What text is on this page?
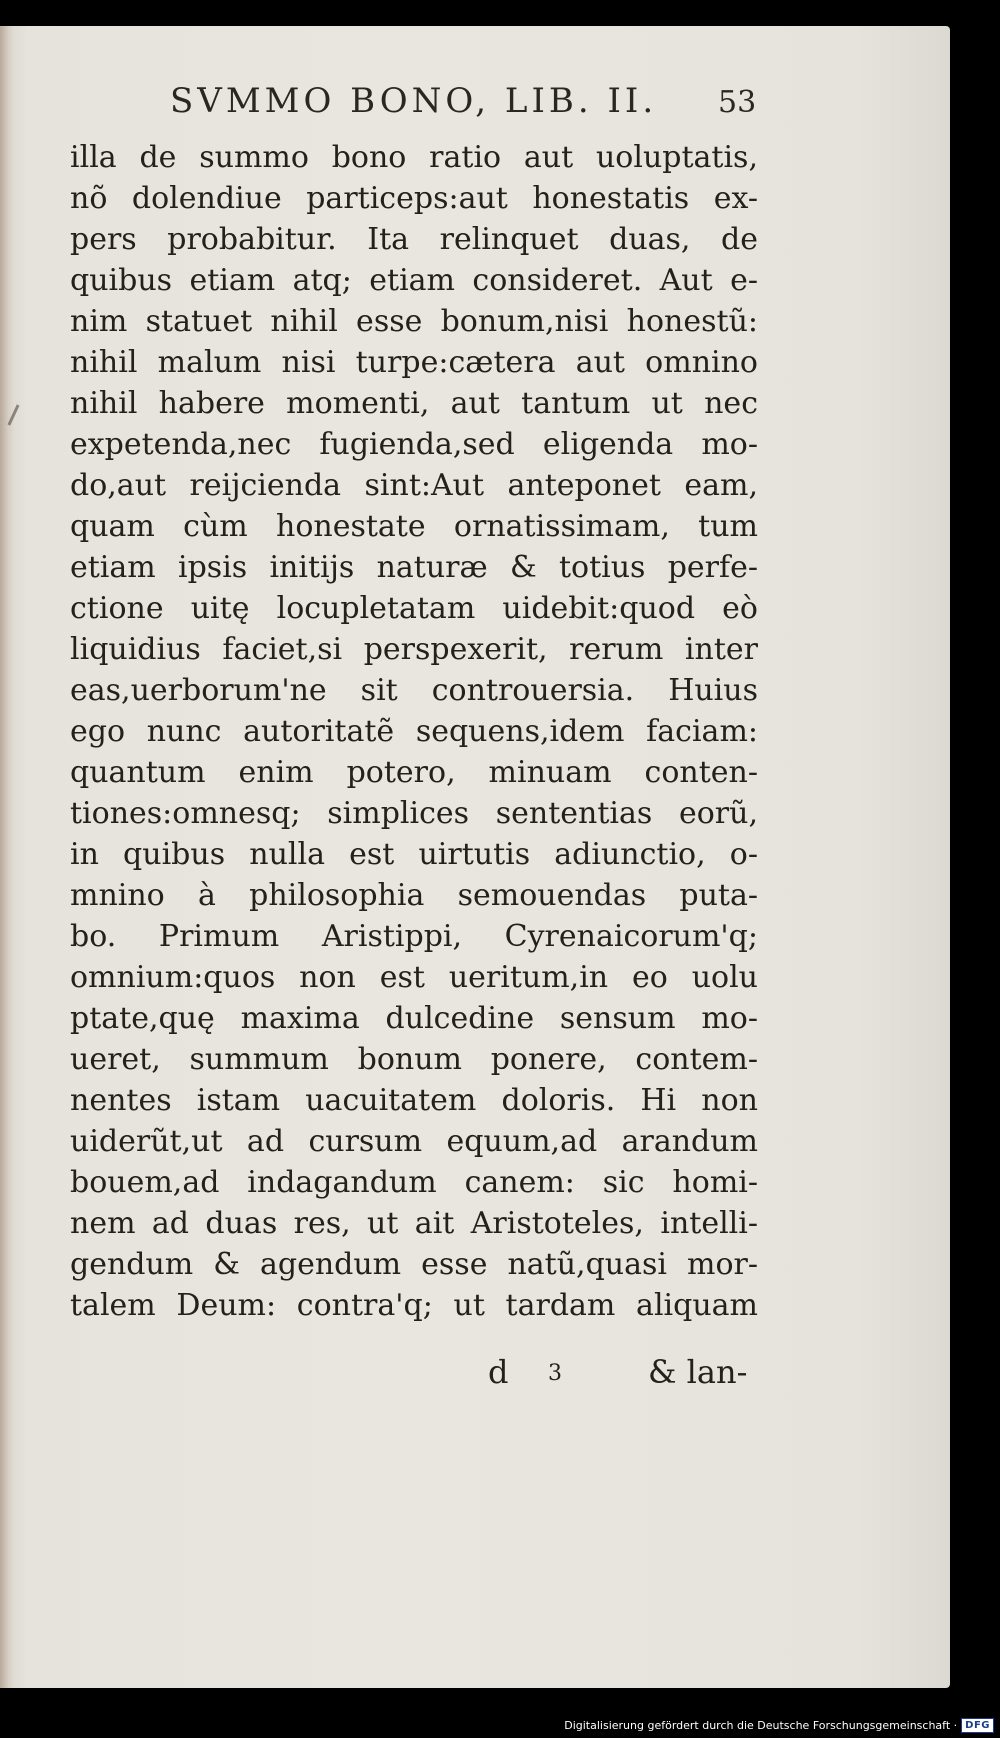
SVMMO BONO, LIB. II.	53
illa de summo bono ratio aut uoluptatis,
nõ dolendiue particeps:aut honestatis ex-
pers probabitur. Ita relinquet duas, de
quibus etiam atq; etiam consideret. Aut e-
nim statuet nihil esse bonum,nisi honestũ:
nihil malum nisi turpe:cætera aut omnino
nihil habere momenti, aut tantum ut nec
expetenda,nec fugienda,sed eligenda mo-
do,aut reijcienda sint:Aut anteponet eam,
quam cùm honestate ornatissimam, tum
etiam ipsis initijs naturæ & totius perfe-
ctione uitę locupletatam uidebit:quod eò
liquidius faciet,si perspexerit, rerum inter
eas,uerborum'ne sit controuersia. Huius
ego nunc autoritatẽ sequens,idem faciam:
quantum enim potero, minuam conten-
tiones:omnesq; simplices sententias eorũ,
in quibus nulla est uirtutis adiunctio, o-
mnino à philosophia semouendas puta-
bo. Primum Aristippi, Cyrenaicorum'q;
omnium:quos non est ueritum,in eo uolu
ptate,quę maxima dulcedine sensum mo-
ueret, summum bonum ponere, contem-
nentes istam uacuitatem doloris. Hi non
uiderũt,ut ad cursum equum,ad arandum
bouem,ad indagandum canem: sic homi-
nem ad duas res, ut ait Aristoteles, intelli-
gendum & agendum esse natũ,quasi mor-
talem Deum: contra'q; ut tardam aliquam
d 3	& lan-
Digitalisierung gefördert durch die Deutsche Forschungsgemeinschaft · DFG
